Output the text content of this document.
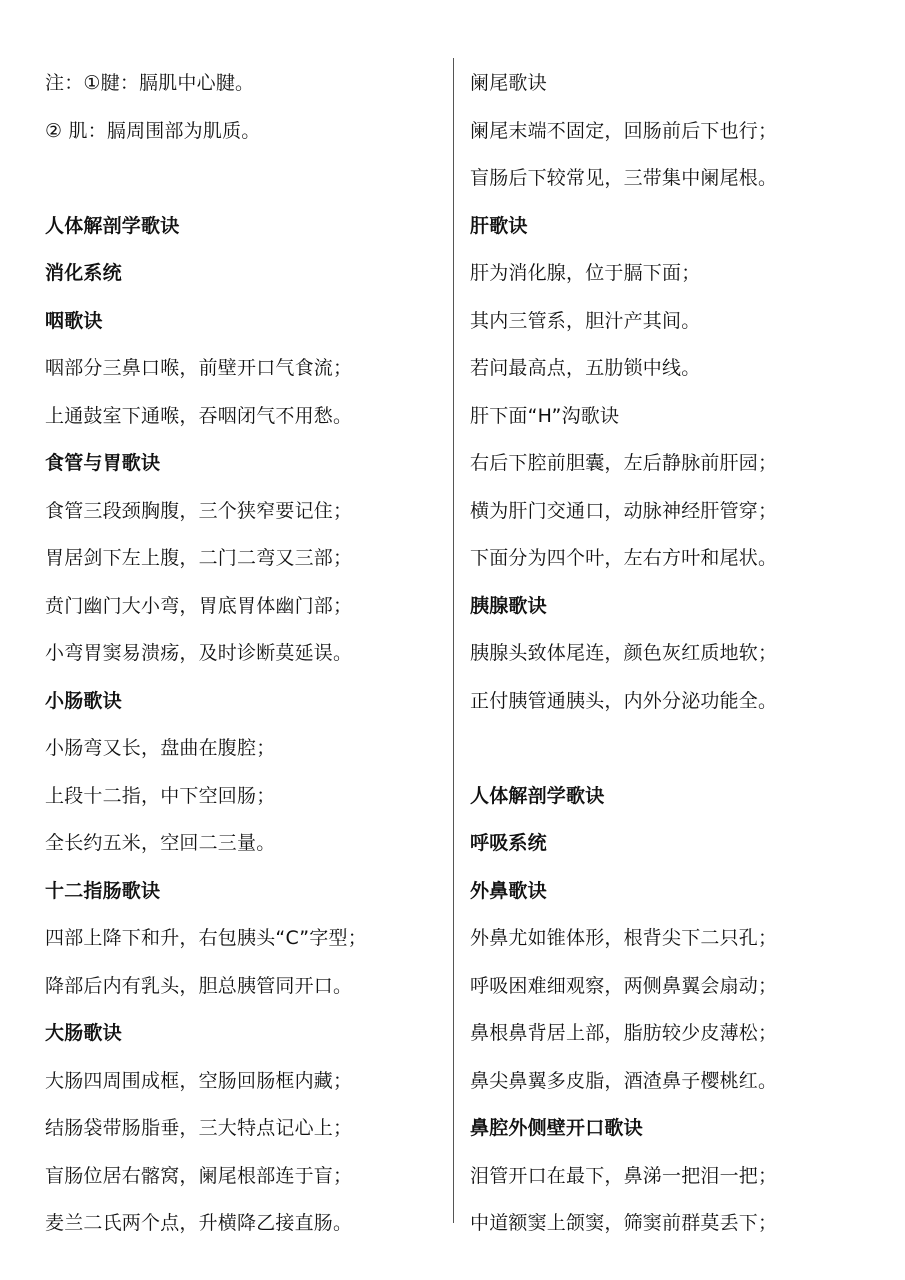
注：①腱：膈肌中心腱。
② 肌：膈周围部为肌质。
人体解剖学歌诀
消化系统
咽歌诀
咽部分三鼻口喉，前壁开口气食流；
上通鼓室下通喉，吞咽闭气不用愁。
食管与胃歌诀
食管三段颈胸腹，三个狭窄要记住；
胃居剑下左上腹，二门二弯又三部；
贲门幽门大小弯，胃底胃体幽门部；
小弯胃窦易溃疡，及时诊断莫延误。
小肠歌诀
小肠弯又长，盘曲在腹腔；
上段十二指，中下空回肠；
全长约五米，空回二三量。
十二指肠歌诀
四部上降下和升，右包胰头“C”字型；
降部后内有乳头，胆总胰管同开口。
大肠歌诀
大肠四周围成框，空肠回肠框内藏；
结肠袋带肠脂垂，三大特点记心上；
盲肠位居右髂窝，阑尾根部连于盲；
麦兰二氏两个点，升横降乙接直肠。
阑尾歌诀
阑尾末端不固定，回肠前后下也行；
盲肠后下较常见，三带集中阑尾根。
肝歌诀
肝为消化腺，位于膈下面；
其内三管系，胆汁产其间。
若问最高点，五肋锁中线。
肝下面“H”沟歌诀
右后下腔前胆囊，左后静脉前肝园；
横为肝门交通口，动脉神经肝管穿；
下面分为四个叶，左右方叶和尾状。
胰腺歌诀
胰腺头致体尾连，颜色灰红质地软；
正付胰管通胰头，内外分泌功能全。
人体解剖学歌诀
呼吸系统
外鼻歌诀
外鼻尤如锥体形，根背尖下二只孔；
呼吸困难细观察，两侧鼻翼会扇动；
鼻根鼻背居上部，脂肪较少皮薄松；
鼻尖鼻翼多皮脂，酒渣鼻子樱桃红。
鼻腔外侧壁开口歌诀
泪管开口在最下，鼻涕一把泪一把；
中道额窦上颌窦，筛窦前群莫丢下；
